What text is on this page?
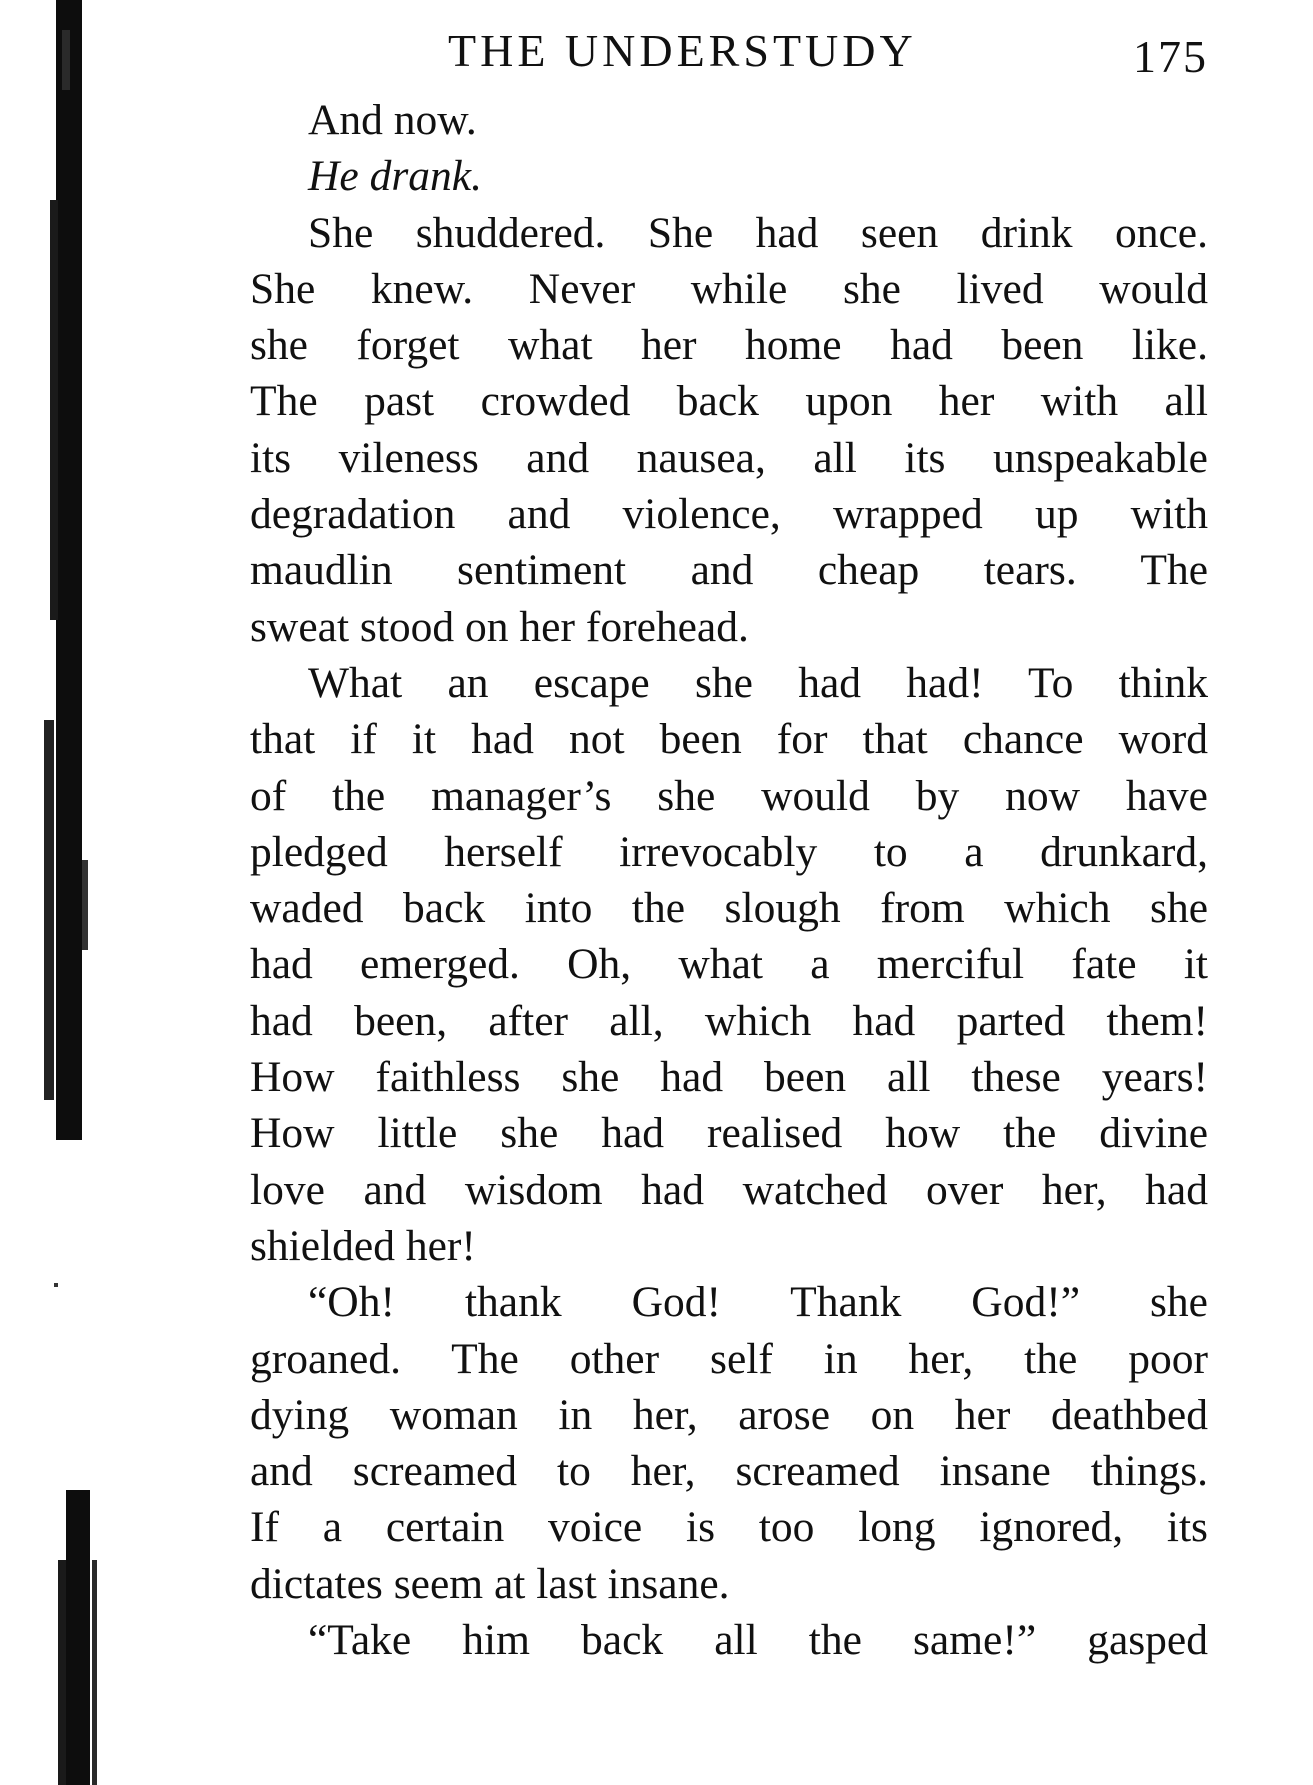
THE UNDERSTUDY	175
And now.
He drank.
She shuddered. She had seen drink once.
She knew. Never while she lived would
she forget what her home had been like.
The past crowded back upon her with all
its vileness and nausea, all its unspeakable
degradation and violence, wrapped up with
maudlin sentiment and cheap tears. The
sweat stood on her forehead.
What an escape she had had! To think
that if it had not been for that chance word
of the manager’s she would by now have
pledged herself irrevocably to a drunkard,
waded back into the slough from which she
had emerged. Oh, what a merciful fate it
had been, after all, which had parted them!
How faithless she had been all these years!
How little she had realised how the divine
love and wisdom had watched over her, had
shielded her!
“Oh! thank God! Thank God!” she
groaned. The other self in her, the poor
dying woman in her, arose on her deathbed
and screamed to her, screamed insane things.
If a certain voice is too long ignored, its
dictates seem at last insane.
“Take him back all the same!” gasped
